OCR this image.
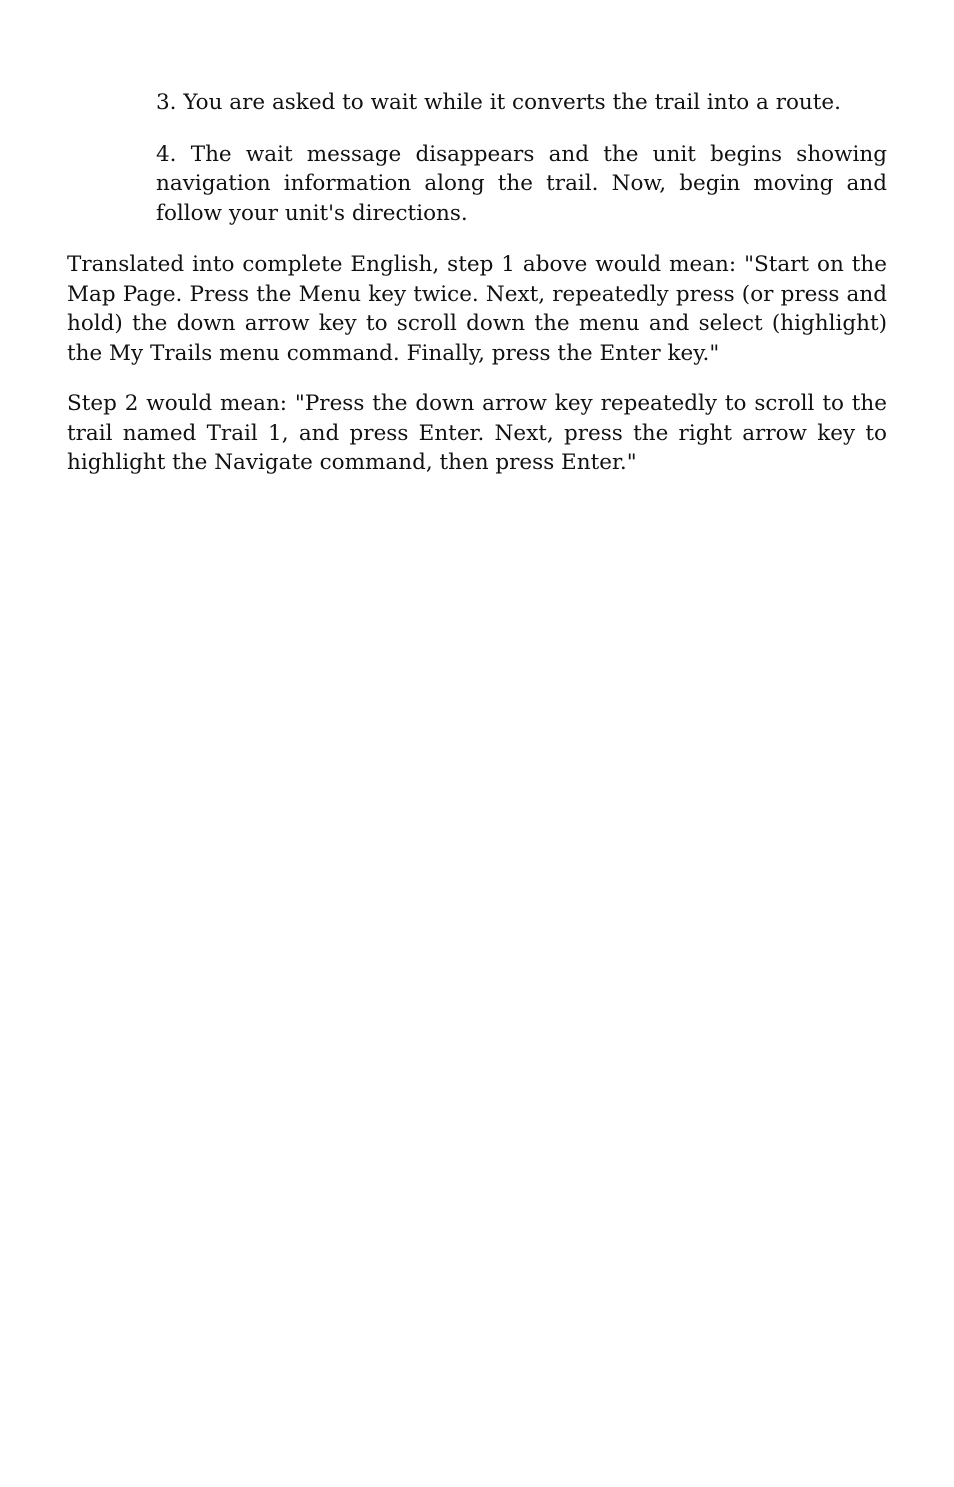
3. You are asked to wait while it converts the trail into a route.

4. The wait message disappears and the unit begins showing navigation information along the trail. Now, begin moving and follow your unit's directions.

Translated into complete English, step 1 above would mean: "Start on the Map Page. Press the Menu key twice. Next, repeatedly press (or press and hold) the down arrow key to scroll down the menu and select (highlight) the My Trails menu command. Finally, press the Enter key."

Step 2 would mean: "Press the down arrow key repeatedly to scroll to the trail named Trail 1, and press Enter. Next, press the right arrow key to highlight the Navigate command, then press Enter."
